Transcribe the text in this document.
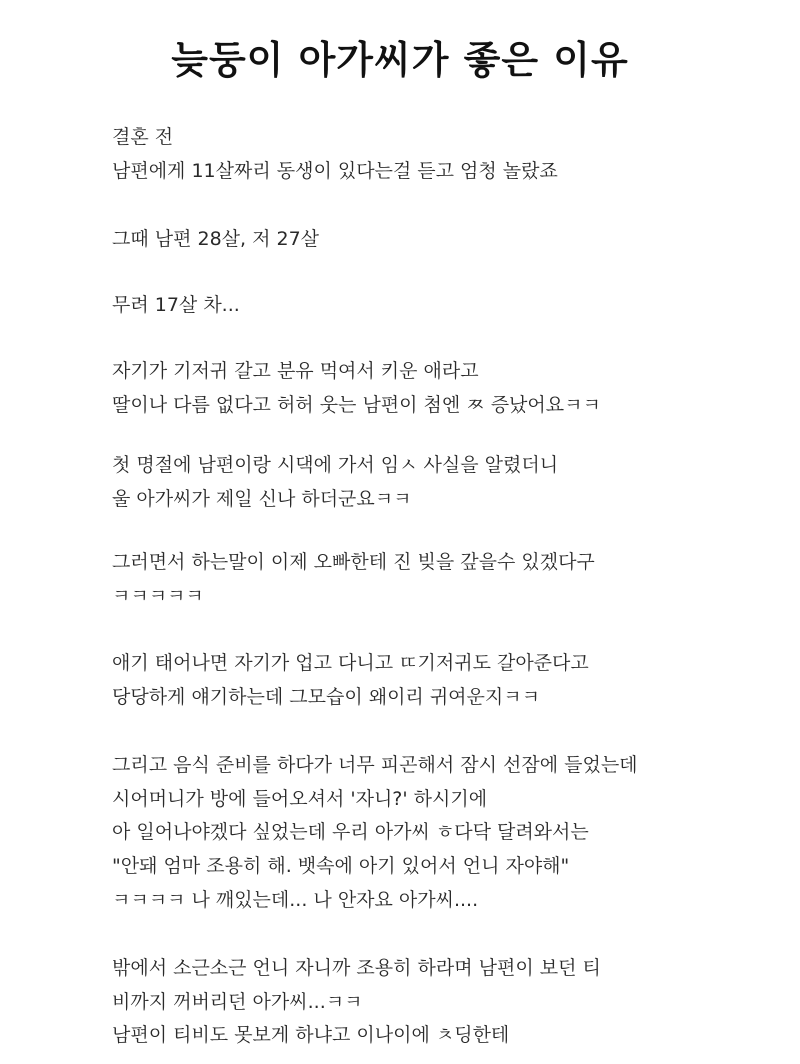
늦둥이 아가씨가 좋은 이유
결혼 전
남편에게 11살짜리 동생이 있다는걸 듣고 엄청 놀랐죠
그때 남편 28살, 저 27살
무려 17살 차...
자기가 기저귀 갈고 분유 먹여서 키운 애라고
딸이나 다름 없다고 허허 웃는 남편이 첨엔 ㅉ 증났어요ㅋㅋ
첫 명절에 남편이랑 시댁에 가서 임ㅅ 사실을 알렸더니
울 아가씨가 제일 신나 하더군요ㅋㅋ
그러면서 하는말이 이제 오빠한테 진 빚을 갚을수 있겠다구
ㅋㅋㅋㅋㅋ
애기 태어나면 자기가 업고 다니고 ㄸ기저귀도 갈아준다고
당당하게 얘기하는데 그모습이 왜이리 귀여운지ㅋㅋ
그리고 음식 준비를 하다가 너무 피곤해서 잠시 선잠에 들었는데
시어머니가 방에 들어오셔서 '자니?' 하시기에
아 일어나야겠다 싶었는데 우리 아가씨 ㅎ다닥 달려와서는
"안돼 엄마 조용히 해. 뱃속에 아기 있어서 언니 자야해"
ㅋㅋㅋㅋ 나 깨있는데... 나 안자요 아가씨....
밖에서 소근소근 언니 자니까 조용히 하라며 남편이 보던 티
비까지 꺼버리던 아가씨...ㅋㅋ
남편이 티비도 못보게 하냐고 이나이에 ㅊ딩한테
